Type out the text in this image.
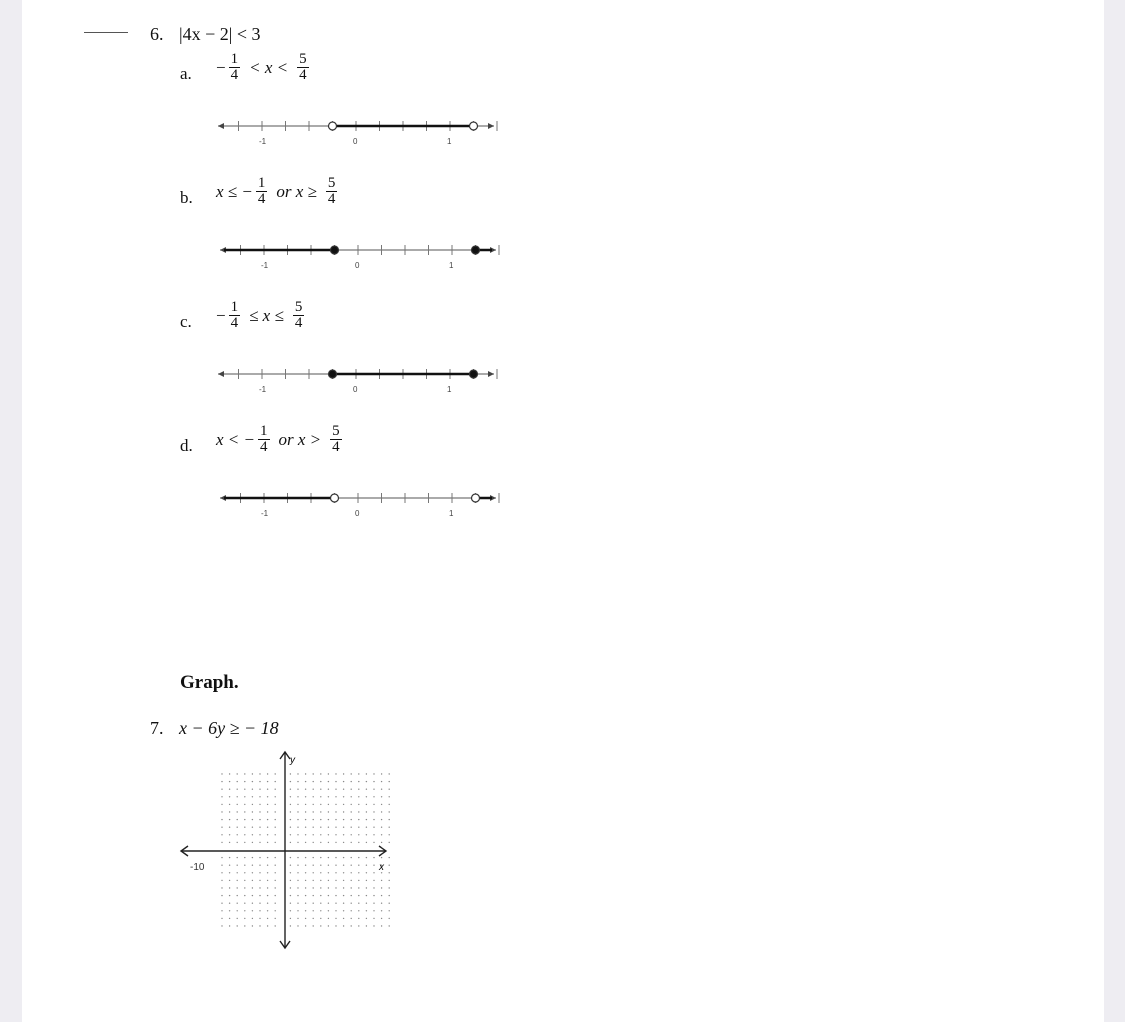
6. |4x − 2| < 3
a. − $\frac{1}{4} < x < \frac{5}{4}$
-1	0	1
b. x ≤ − $\frac{1}{4}$ or $x \ge \frac{5}{4}$
-1	0	1
c. − $\frac{1}{4} \le x \le \frac{5}{4}$
-1	0	1
d. x < − $\frac{1}{4}$ or $x > \frac{5}{4}$
-1	0	1
Graph.
7. x − 6y ≥ − 18
y
x
-10
